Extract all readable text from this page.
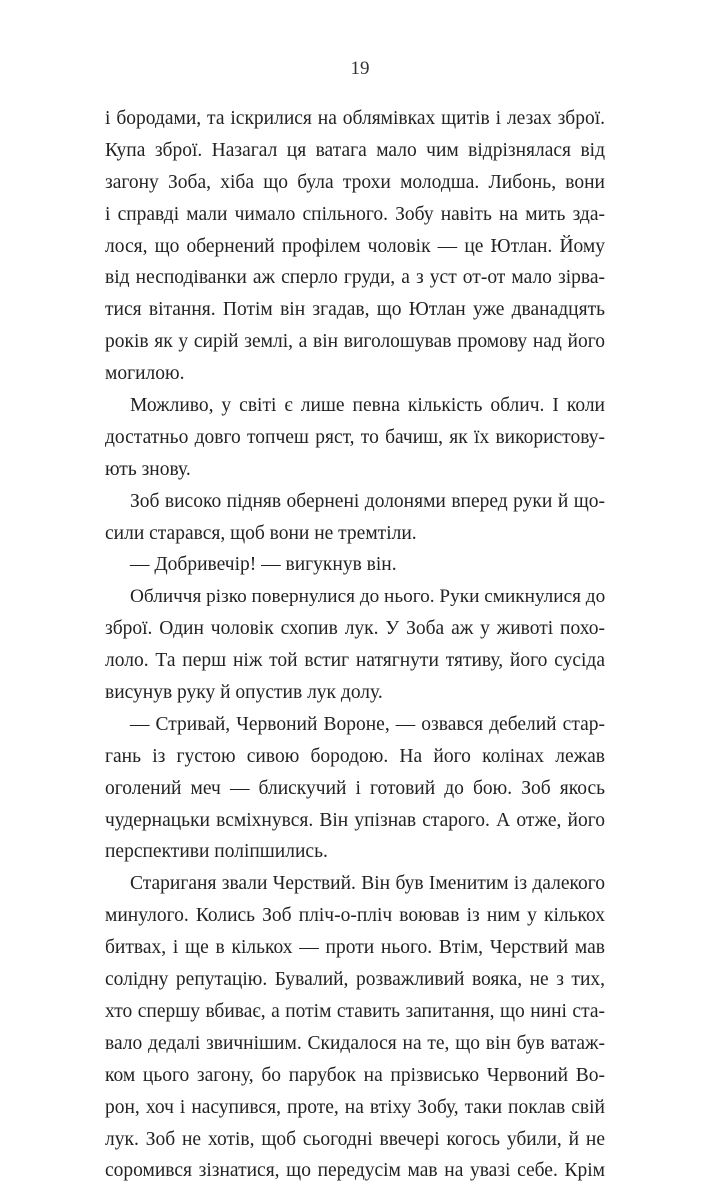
19
і бородами, та іскрилися на облямівках щитів і лезах зброї.
Купа зброї. Назагал ця ватага мало чим відрізнялася від
загону Зоба, хіба що була трохи молодша. Либонь, вони
і справді мали чимало спільного. Зобу навіть на мить зда-
лося, що обернений профілем чоловік — це Ютлан. Йому
від несподіванки аж сперло груди, а з уст от-от мало зірва-
тися вітання. Потім він згадав, що Ютлан уже дванадцять
років як у сирій землі, а він виголошував промову над його
могилою.
Можливо, у світі є лише певна кількість облич. І коли
достатньо довго топчеш ряст, то бачиш, як їх використову-
ють знову.
Зоб високо підняв обернені долонями вперед руки й що-
сили старався, щоб вони не тремтіли.
— Добривечір! — вигукнув він.
Обличчя різко повернулися до нього. Руки смикнулися до
зброї. Один чоловік схопив лук. У Зоба аж у животі похо-
лоло. Та перш ніж той встиг натягнути тятиву, його сусіда
висунув руку й опустив лук долу.
— Стривай, Червоний Вороне, — озвався дебелий стар-
гань із густою сивою бородою. На його колінах лежав
оголений меч — блискучий і готовий до бою. Зоб якось
чудернацьки всміхнувся. Він упізнав старого. А отже, його
перспективи поліпшились.
Стариганя звали Черствий. Він був Іменитим із далекого
минулого. Колись Зоб пліч-о-пліч воював із ним у кількох
битвах, і ще в кількох — проти нього. Втім, Черствий мав
солідну репутацію. Бувалий, розважливий вояка, не з тих,
хто спершу вбиває, а потім ставить запитання, що нині ста-
вало дедалі звичнішим. Скидалося на те, що він був ватаж-
ком цього загону, бо парубок на прізвисько Червоний Во-
рон, хоч і насупився, проте, на втіху Зобу, таки поклав свій
лук. Зоб не хотів, щоб сьогодні ввечері когось убили, й не
соромився зізнатися, що передусім мав на увазі себе. Крім
